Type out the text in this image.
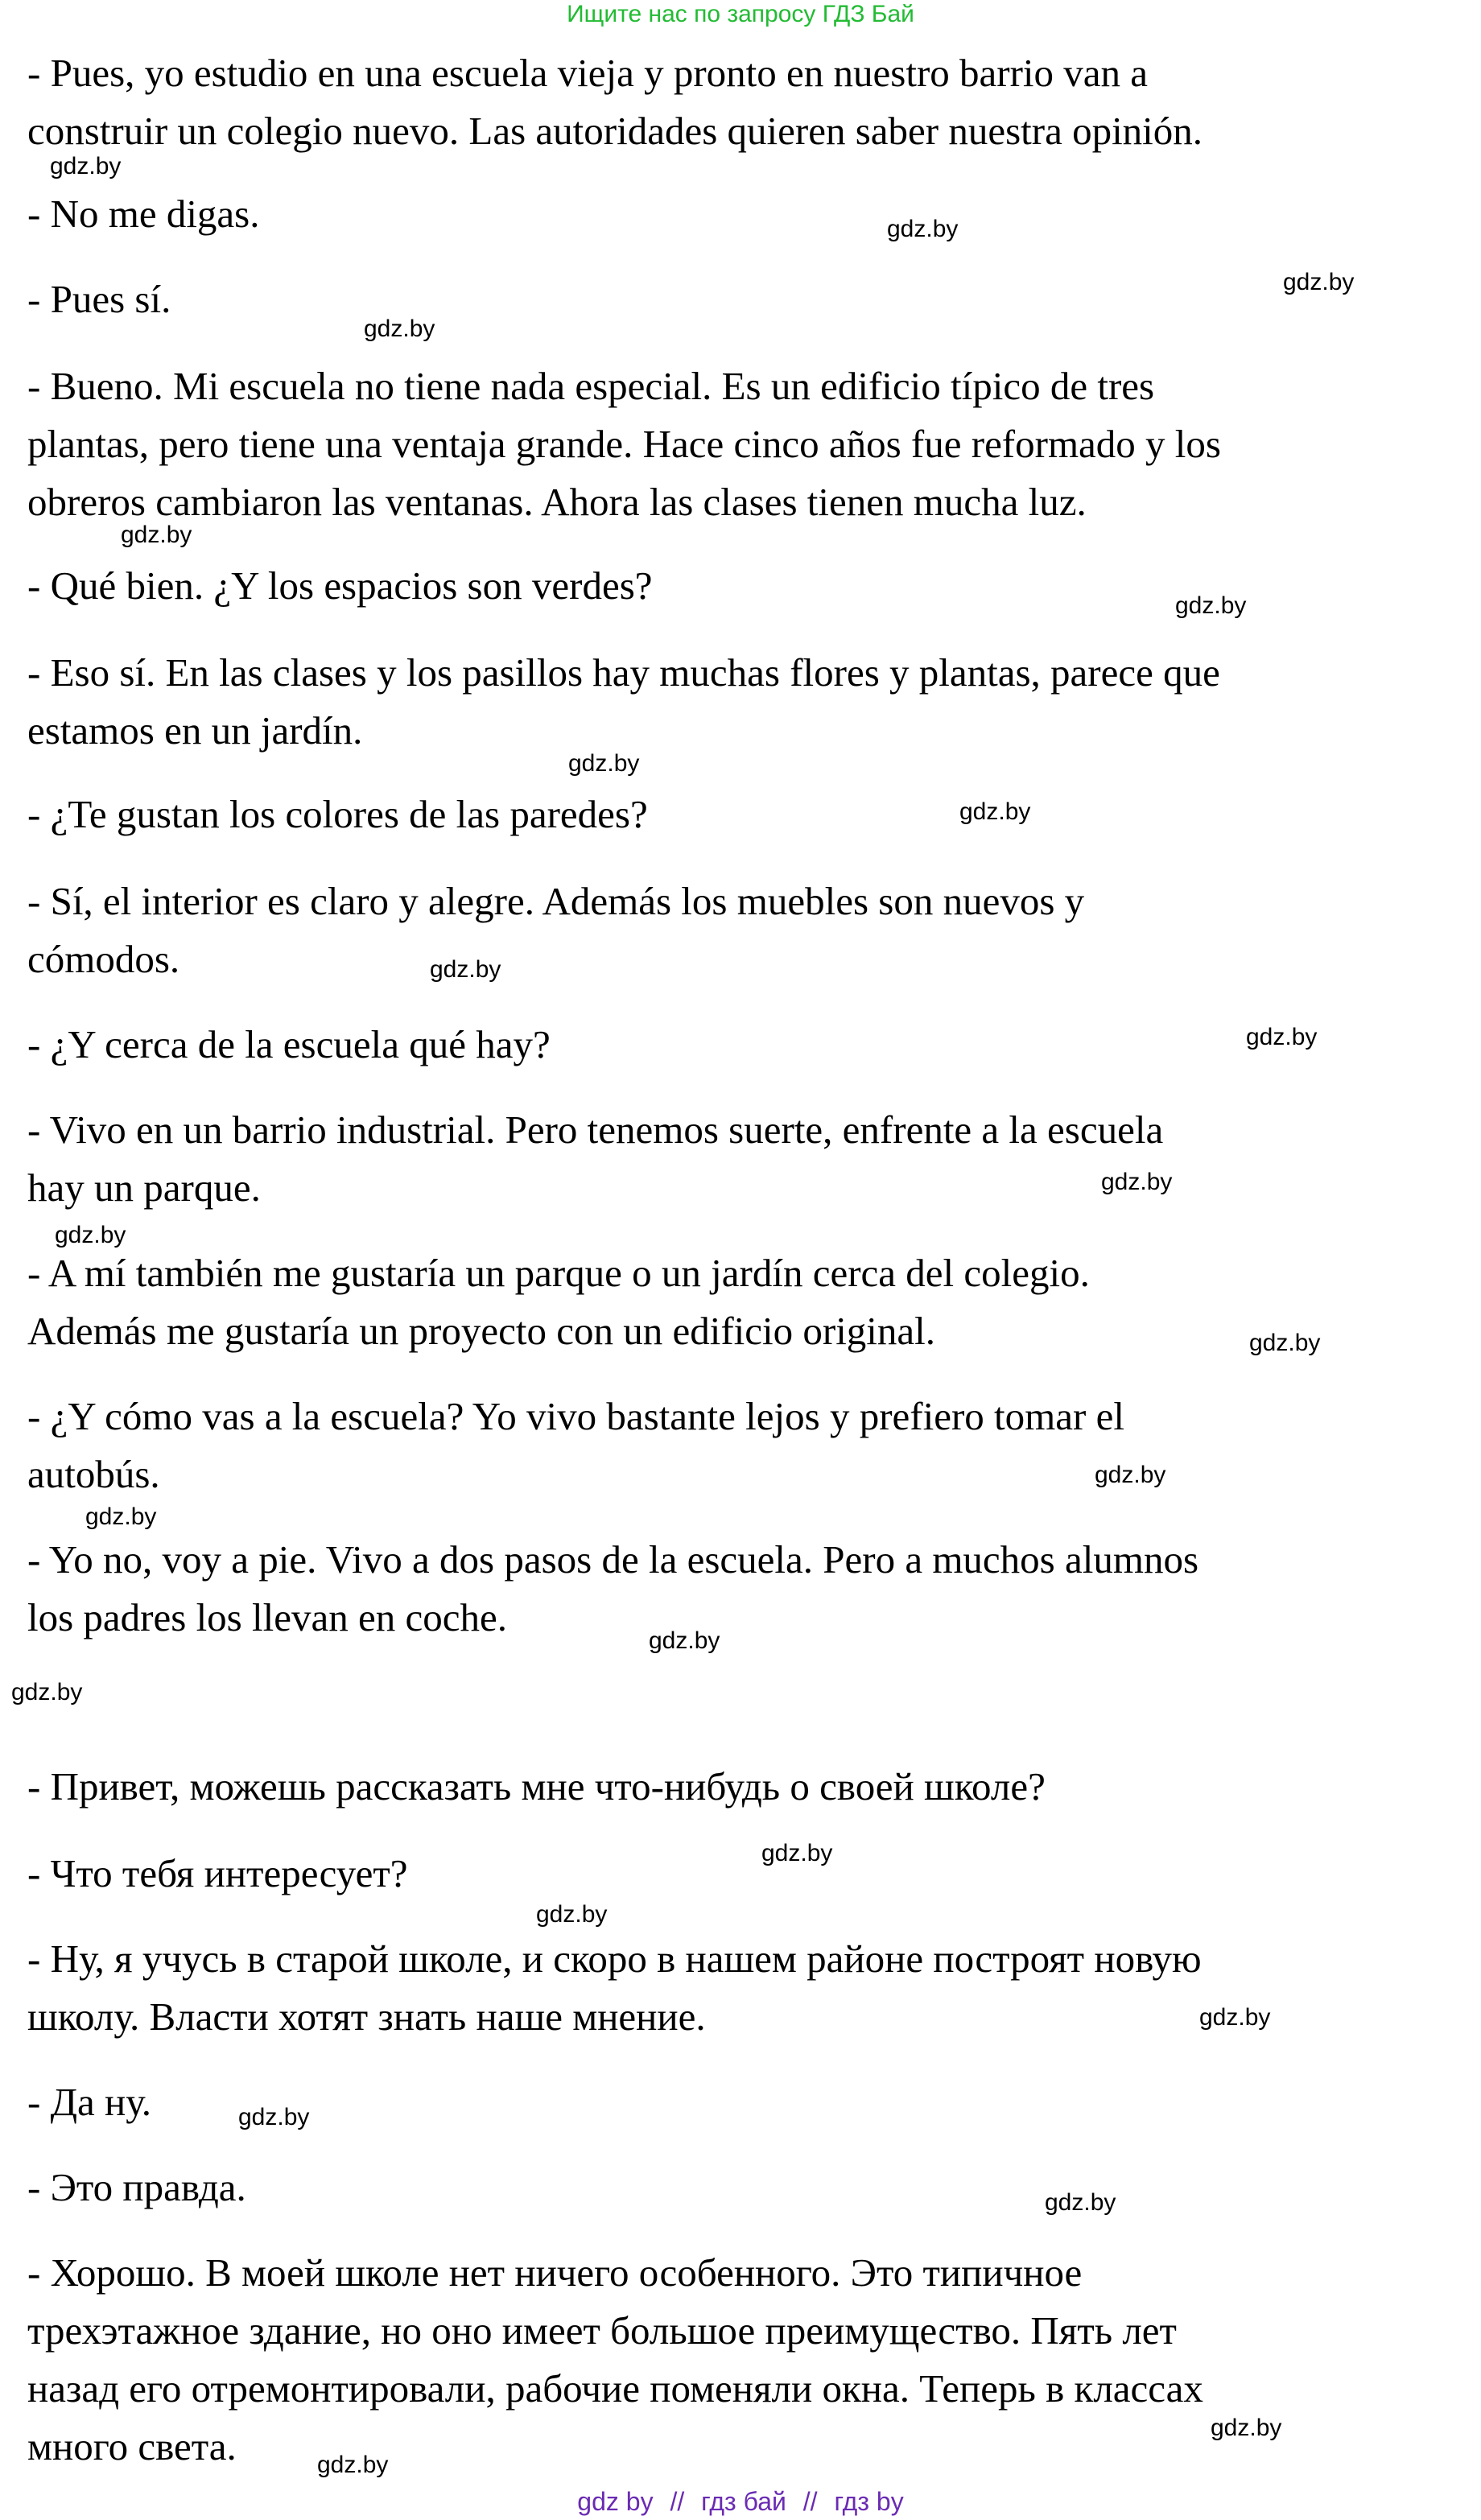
Ищите нас по запросу ГДЗ Бай
- Pues, yo estudio en una escuela vieja y pronto en nuestro barrio van a
construir un colegio nuevo. Las autoridades quieren saber nuestra opinión.
- No me digas.
- Pues sí.
- Bueno. Mi escuela no tiene nada especial. Es un edificio típico de tres
plantas, pero tiene una ventaja grande. Hace cinco años fue reformado y los
obreros cambiaron las ventanas. Ahora las clases tienen mucha luz.
- Qué bien. ¿Y los espacios son verdes?
- Eso sí. En las clases y los pasillos hay muchas flores y plantas, parece que
estamos en un jardín.
- ¿Te gustan los colores de las paredes?
- Sí, el interior es claro y alegre. Además los muebles son nuevos y
cómodos.
- ¿Y cerca de la escuela qué hay?
- Vivo en un barrio industrial. Pero tenemos suerte, enfrente a la escuela
hay un parque.
- A mí también me gustaría un parque o un jardín cerca del colegio.
Además me gustaría un proyecto con un edificio original.
- ¿Y cómo vas a la escuela? Yo vivo bastante lejos y prefiero tomar el
autobús.
- Yo no, voy a pie. Vivo a dos pasos de la escuela. Pero a muchos alumnos
los padres los llevan en coche.
- Привет, можешь рассказать мне что-нибудь о своей школе?
- Что тебя интересует?
- Ну, я учусь в старой школе, и скоро в нашем районе построят новую
школу. Власти хотят знать наше мнение.
- Да ну.
- Это правда.
- Хорошо. В моей школе нет ничего особенного. Это типичное
трехэтажное здание, но оно имеет большое преимущество. Пять лет
назад его отремонтировали, рабочие поменяли окна. Теперь в классах
много света.
gdz.by
gdz.by
gdz.by
gdz.by
gdz.by
gdz.by
gdz.by
gdz.by
gdz.by
gdz.by
gdz.by
gdz.by
gdz.by
gdz.by
gdz.by
gdz.by
gdz.by
gdz.by
gdz.by
gdz.by
gdz.by
gdz.by
gdz.by
gdz.by
gdz by // гдз бай // гдз by
